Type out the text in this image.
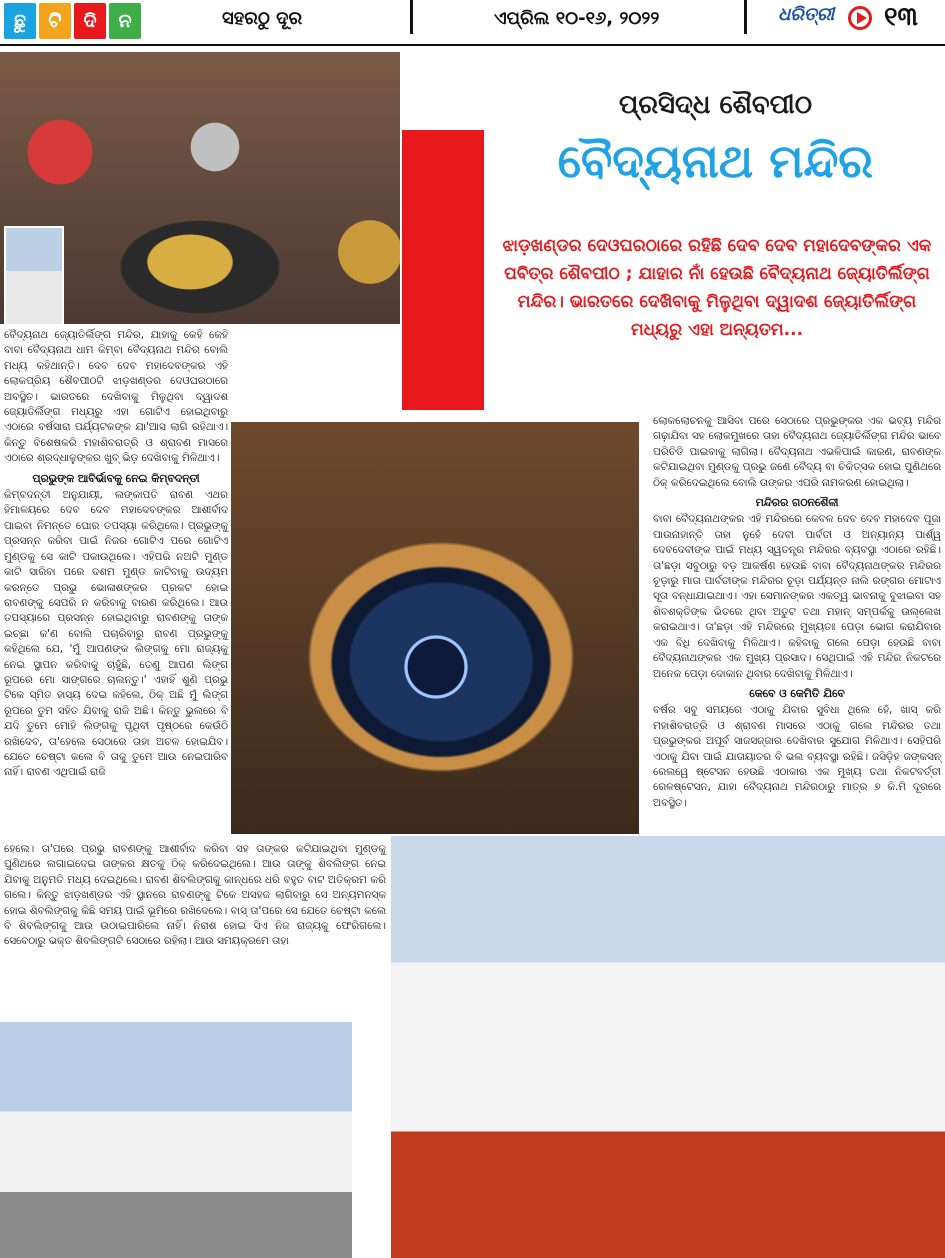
ଛୁ	ଟି	ଦି	ନ	ସହରଠୁ ଦୂର	ଏପ୍ରିଲ ୧୦-୧୬, ୨୦୨୨	ଧରିତ୍ରୀ ୧୩
ପ୍ରସିଦ୍ଧ ଶୈବପୀଠ
ବୈଦ୍ୟନାଥ ମନ୍ଦିର
ଝାଡ଼ଖଣ୍ଡର ଦେଓଘରଠାରେ ରହିଛି ଦେବ ଦେବ ମହାଦେବଙ୍କର ଏକ ପବିତ୍ର ଶୈବପୀଠ ; ଯାହାର ନାଁ ହେଉଛି ବୈଦ୍ୟନାଥ ଜ୍ୟୋତିର୍ଲିଙ୍ଗ ମନ୍ଦିର। ଭାରତରେ ଦେଖିବାକୁ ମିଳୁଥିବା ଦ୍ୱାଦଶ ଜ୍ୟୋତିର୍ଲିଙ୍ଗ ମଧ୍ୟରୁ ଏହା ଅନ୍ୟତମ...

ବୈଦ୍ୟନାଥ ଜ୍ୟୋତିର୍ଲିଙ୍ଗ ମନ୍ଦିର, ଯାହାକୁ କେହି କେହି ବାବା ବୈଦ୍ୟନାଥ ଧାମ କିମ୍ବା ବୈଦ୍ୟନାଥ ମନ୍ଦିର ବୋଲି ମଧ୍ୟ କହିଥାନ୍ତି। ଦେବ ଦେବ ମହାଦେବଙ୍କର ଏହି ଲୋକପ୍ରିୟ ଶୈବପୀଠଟି ଝାଡ଼ଖଣ୍ଡର ଦେଓଘରଠାରେ ଅବସ୍ଥିତ। ଭାରତରେ ଦେଖିବାକୁ ମିଳୁଥିବା ଦ୍ୱାଦଶ ଜ୍ୟୋତିର୍ଲିଙ୍ଗ ମଧ୍ୟରୁ ଏହା ଗୋଟିଏ ହୋଇଥିବାରୁ ଏଠାରେ ବର୍ଷସାରା ପର୍ଯ୍ୟଟକଙ୍କ ଯା'ଆସ ଲାଗି ରହିଥାଏ। କିନ୍ତୁ ବିଶେଷକରି ମହାଶିବରାତ୍ରି ଓ ଶ୍ରାବଣ ମାସରେ ଏଠାରେ ଶ୍ରଦ୍ଧାଳୁଙ୍କର ଖୁବ୍ ଭିଡ଼ ଦେଖିବାକୁ ମିଳିଥାଏ।

ପ୍ରଭୁଙ୍କ ଆବିର୍ଭାବକୁ ନେଇ କିମ୍ବଦନ୍ତୀ

କିମ୍ବଦନ୍ତୀ ଅନୁଯାୟୀ, ଲଙ୍କାପତି ରାବଣ ଏଥର ହିମାଳୟରେ ଦେବ ଦେବ ମହାଦେବଙ୍କର ଆଶୀର୍ବାଦ ପାଇବା ନିମନ୍ତେ ଘୋର ତପସ୍ୟା କରିଥିଲେ। ପ୍ରଭୁଙ୍କୁ ପ୍ରସନ୍ନ କରିବା ପାଇଁ ନିଜର ଗୋଟିଏ ପରେ ଗୋଟିଏ ମୁଣ୍ଡକୁ ସେ କାଟି ପକାଉଥିଲେ। ଏହିପରି ନଅଟି ମୁଣ୍ଡ କାଟି ସାରିବା ପରେ ଦଶମ ମୁଣ୍ଡ କାଟିବାକୁ ଉଦ୍ୟମ କରନ୍ତେ ପ୍ରଭୁ ଭୋଳାଶଙ୍କର ପ୍ରକଟ ହୋଇ ରାବଣଙ୍କୁ ସେପରି ନ କରିବାକୁ ବାରଣ କରିଥିଲେ। ଆଉ ତପସ୍ୟାରେ ପ୍ରସନ୍ନ ହୋଇଥିବାରୁ ରାବଣଙ୍କୁ ତାଙ୍କ ଇଚ୍ଛା କ'ଣ ବୋଲି ପଚାରିବାରୁ ରାବଣ ପ୍ରଭୁଙ୍କୁ କହିଥିଲେ ଯେ, 'ମୁଁ ଆପଣଙ୍କ ଲିଙ୍ଗକୁ ମୋ ରାଜ୍ୟକୁ ନେଇ ସ୍ଥାପନ କରିବାକୁ ଚାହୁଁଛି, ତେଣୁ ଆପଣ ଲିଙ୍ଗ ରୂପରେ ମୋ ସାଙ୍ଗରେ ଚାଲନ୍ତୁ।' ଏହାହିଁ ଶୁଣି ପ୍ରଭୁ ଟିକେ ସ୍ମିତ ହାସ୍ୟ ଦେଇ କହିଲେ, ଠିକ୍ ଅଛି ମୁଁ ଲିଙ୍ଗ ରୂପରେ ତୁମ ସହିତ ଯିବାକୁ ରାଜି ଅଛି। କିନ୍ତୁ ଭୁଲରେ ବି ଯଦି ତୁମେ ମୋହି ଲିଙ୍ଗକୁ ପୃଥିବୀ ପୃଷ୍ଠରେ କେଉଁଠି ରଖିଦେବ, ତା'ହେଲେ ସେଠାରେ ତାହା ଅଚଳ ହୋଇଯିବ। ଯେତେ ଚେଷ୍ଟା କଲେ ବି ତାକୁ ତୁମେ ଆଉ ନେଇପାରିବ ନାହିଁ। ରାବଣ ଏଥିପାଇଁ ରାଜି

ହେଲେ। ତା'ପରେ ପ୍ରଭୁ ରାବଣଙ୍କୁ ଆଶୀର୍ବାଦ କରିବା ସହ ତାଙ୍କର କଟିଯାଇଥିବା ମୁଣ୍ଡକୁ ପୁଣିଥରେ ଲଗାଇଦେଇ ତାଙ୍କର କ୍ଷତକୁ ଠିକ୍ କରିଦେଇଥିଲେ। ଆଉ ତାଙ୍କୁ ଶିବଲିଙ୍ଗ ନେଇ ଯିବାକୁ ଅନୁମତି ମଧ୍ୟ ଦେଇଥିଲେ। ରାବଣ ଶିବଲିଙ୍ଗକୁ କାନ୍ଧରେ ଧରି ବହୁତ ବାଟ ଅତିକ୍ରମ କରି ଗଲେ। କିନ୍ତୁ ଝାଡ଼ଖଣ୍ଡର ଏହି ସ୍ଥାନରେ ରାବଣଙ୍କୁ ଟିକେ ଅସହଜ ଲାଗିବାରୁ ସେ ଅନ୍ୟମନସ୍କ ହୋଇ ଶିବଲିଙ୍ଗକୁ କିଛି ସମୟ ପାଇଁ ଭୂମିରେ ରଖିଦେଲେ। ବାସ୍ ତା'ପରେ ସେ ଯେତେ ଚେଷ୍ଟା କଲେ ବି ଶିବଲିଙ୍ଗକୁ ଆଉ ଉଠାଇପାରିଲେ ନାହିଁ। ନିରାଶ ହୋଇ ସିଏ ନିଜ ରାଜ୍ୟକୁ ଫେରିଗଲେ। ସେବେଠାରୁ ଭକ୍ତ ଶିବଲିଙ୍ଗଟି ସେଠାରେ ରହିଲା। ଆଉ ସମୟକ୍ରମେ ତାହା

ଲୋକଲୋଚନକୁ ଆସିବା ପରେ ସେଠାରେ ପ୍ରଭୁଙ୍କର ଏକ ଭବ୍ୟ ମନ୍ଦିର ଗଢ଼ାଯିବା ସହ ଲୋକମୁଖରେ ତାହା ବୈଦ୍ୟନାଥ ଜ୍ୟୋତିର୍ଲିଙ୍ଗ ମନ୍ଦିର ଭାବେ ପରିଚିତି ପାଇବାକୁ ଲାଗିଲା। ବୈଦ୍ୟନାଥ ଏଭଳିପାଇଁ କାରଣ, ରାବଣଙ୍କ କଟିଯାଇଥିବା ମୁଣ୍ଡକୁ ପ୍ରଭୁ ଜଣେ ବୈଦ୍ୟ ବା ଚିକିତ୍ସକ ହୋଇ ପୁଣିଥରେ ଠିକ୍ କରିଦେଇଥିଲେ ବୋଲି ତାଙ୍କର ଏପରି ନାମକରଣ ହୋଇଥିଲା।

ମନ୍ଦିରର ଗଠନଶୈଳୀ

ବାବା ବୈଦ୍ୟନାଥଙ୍କର ଏହି ମନ୍ଦିରରେ କେବଳ ଦେବ ଦେବ ମହାଦେବ ପୂଜା ପାଉନାହାନ୍ତି ତାହା ନୁହେଁ ଦେବୀ ପାର୍ବତୀ ଓ ଅନ୍ୟାନ୍ୟ ପାର୍ଶ୍ୱ ଦେବଦେବୀଙ୍କ ପାଇଁ ମଧ୍ୟ ସ୍ୱତନ୍ତ୍ର ମନ୍ଦିରର ବ୍ୟବସ୍ଥା ଏଠାରେ ରହିଛି। ତା'ଛଡ଼ା ସବୁଠାରୁ ବଡ଼ ଆକର୍ଷଣ ହେଉଛି ବାବା ବୈଦ୍ୟନାଥଙ୍କର ମନ୍ଦିରର ଚୂଡ଼ାରୁ ମାତା ପାର୍ବତୀଙ୍କ ମନ୍ଦିରର ଚୂଡ଼ା ପର୍ଯ୍ୟନ୍ତ ନାଲି ରଙ୍ଗର ମୋଟାଏ ସୂତା ବନ୍ଧାଯାଇଥାଏ। ଏହା ସେମାନଙ୍କର ଏକତ୍ୱ ଭାବନାକୁ ବୁଝାଇବା ସହ ଶିବଶକ୍ତିଙ୍କ ଭିତରେ ଥିବା ଅତୁଟ ତଥା ମହାନ୍ ସମ୍ପର୍କକୁ ଉଲ୍ଲେଖ କରାଇଥାଏ। ତା'ଛଡ଼ା ଏହି ମନ୍ଦିରରେ ମୁଖ୍ୟତଃ ପେଡ଼ା ଭୋଗ କରାଯିବାର ଏକ ବିଧି ଦେଖିବାକୁ ମିଳିଥାଏ। କହିବାକୁ ଗଲେ ପେଡ଼ା ହେଉଛି ବାବା ବୈଦ୍ୟନାଥଙ୍କର ଏକ ମୁଖ୍ୟ ପ୍ରସାଦ। ସେଥିପାଇଁ ଏହି ମନ୍ଦିର ନିକଟରେ ଅନେକ ପେଡ଼ା ଦୋକାନ ଥିବାର ଦେଖିବାକୁ ମିଳିଥାଏ।

କେବେ ଓ କେମିତି ଯିବେ

ବର୍ଷର ସବୁ ସମୟରେ ଏଠାକୁ ଯିବାର ସୁବିଧା ଥିଲେ ହେଁ, ଖାସ୍ କରି ମହାଶିବରାତ୍ରି ଓ ଶ୍ରାବଣ ମାସରେ ଏଠାକୁ ଗଲେ ମନ୍ଦିରର ତଥା ପ୍ରଭୁଙ୍କର ଅପୂର୍ବ ସାଜସଜ୍ଜାର ଦେଖିବାର ସୁଯୋଗ ମିଳିଥାଏ। ସେହିପରି ଏଠାକୁ ଯିବା ପାଇଁ ଯାତାୟାତର ବି ଭଲ ବ୍ୟବସ୍ଥା ରହିଛି। ଜସିଡ଼ିହ ଜଙ୍କସନ୍ ରେଲୱେ ଷ୍ଟେସନ ହେଉଛି ଏଠାକାର ଏକ ମୁଖ୍ୟ ତଥା ନିକଟବର୍ତ୍ତୀ ରେଳଷ୍ଟେସନ, ଯାହା ବୈଦ୍ୟନାଥ ମନ୍ଦିରଠାରୁ ମାତ୍ର ୭ କି.ମି ଦୂରରେ ଅବସ୍ଥିତ।
